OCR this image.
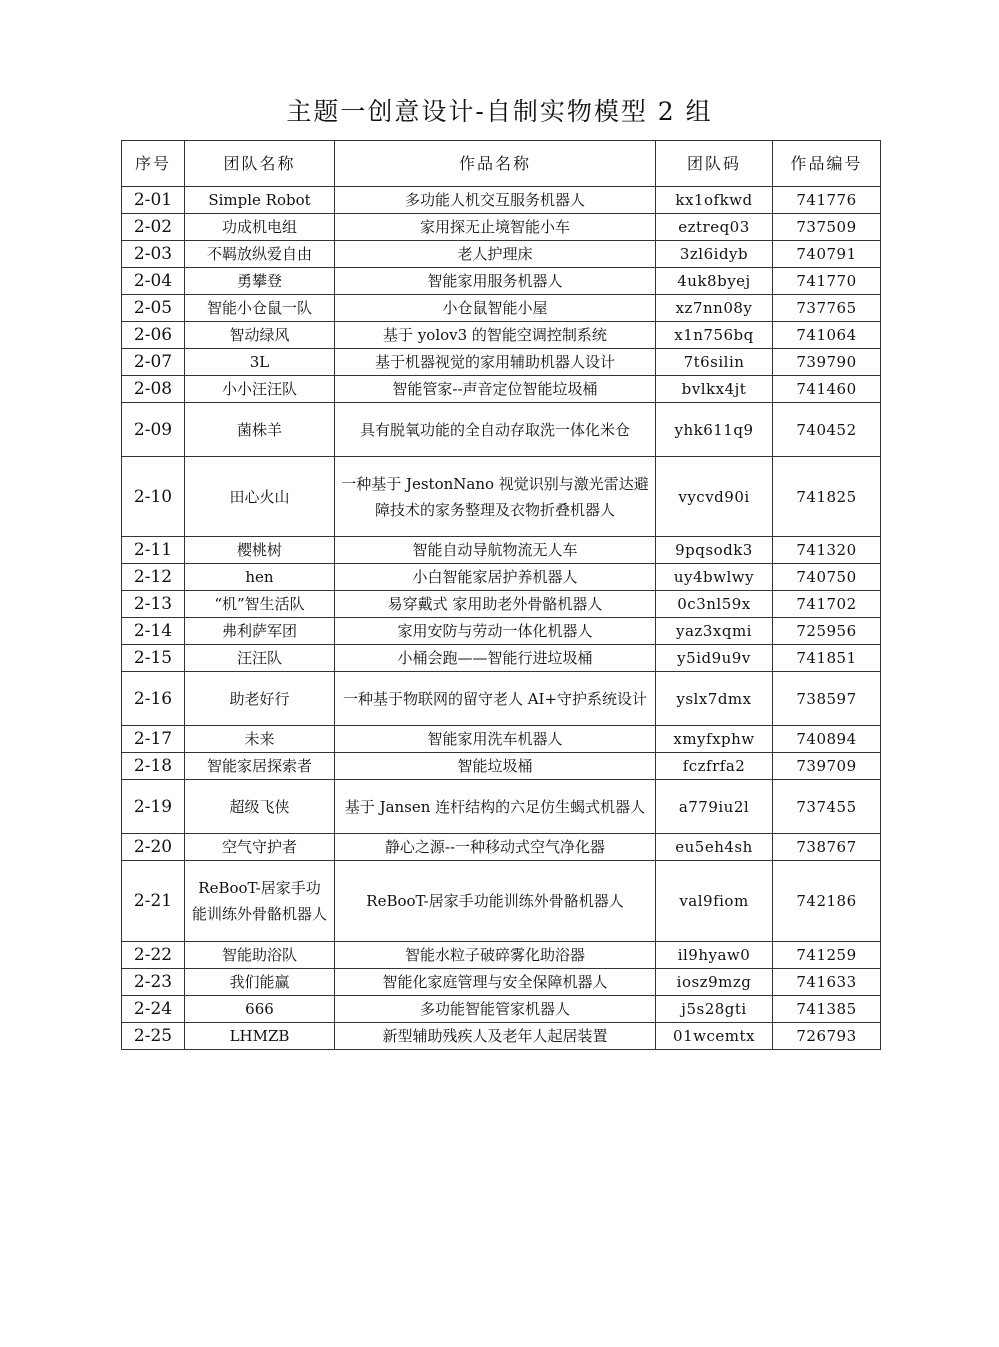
主题一创意设计-自制实物模型 2 组
序号	团队名称	作品名称	团队码	作品编号
2-01	Simple Robot	多功能人机交互服务机器人	kx1ofkwd	741776
2-02	功成机电组	家用探无止境智能小车	eztreq03	737509
2-03	不羁放纵爱自由	老人护理床	3zl6idyb	740791
2-04	勇攀登	智能家用服务机器人	4uk8byej	741770
2-05	智能小仓鼠一队	小仓鼠智能小屋	xz7nn08y	737765
2-06	智动绿风	基于 yolov3 的智能空调控制系统	x1n756bq	741064
2-07	3L	基于机器视觉的家用辅助机器人设计	7t6silin	739790
2-08	小小汪汪队	智能管家--声音定位智能垃圾桶	bvlkx4jt	741460
2-09	菌株羊	具有脱氧功能的全自动存取洗一体化米仓	yhk611q9	740452
2-10	田心火山	一种基于 JestonNano 视觉识别与激光雷达避 障技术的家务整理及衣物折叠机器人	vycvd90i	741825
2-11	樱桃树	智能自动导航物流无人车	9pqsodk3	741320
2-12	hen	小白智能家居护养机器人	uy4bwlwy	740750
2-13	“机”智生活队	易穿戴式 家用助老外骨骼机器人	0c3nl59x	741702
2-14	弗利萨军团	家用安防与劳动一体化机器人	yaz3xqmi	725956
2-15	汪汪队	小桶会跑——智能行进垃圾桶	y5id9u9v	741851
2-16	助老好行	一种基于物联网的留守老人 AI+守护系统设计	yslx7dmx	738597
2-17	未来	智能家用洗车机器人	xmyfxphw	740894
2-18	智能家居探索者	智能垃圾桶	fczfrfa2	739709
2-19	超级飞侠	基于 Jansen 连杆结构的六足仿生蝎式机器人	a779iu2l	737455
2-20	空气守护者	静心之源--一种移动式空气净化器	eu5eh4sh	738767
2-21	ReBooT-居家手功能训练外骨骼机器人	ReBooT-居家手功能训练外骨骼机器人	val9fiom	742186
2-22	智能助浴队	智能水粒子破碎雾化助浴器	il9hyaw0	741259
2-23	我们能赢	智能化家庭管理与安全保障机器人	iosz9mzg	741633
2-24	666	多功能智能管家机器人	j5s28gti	741385
2-25	LHMZB	新型辅助残疾人及老年人起居装置	01wcemtx	726793
